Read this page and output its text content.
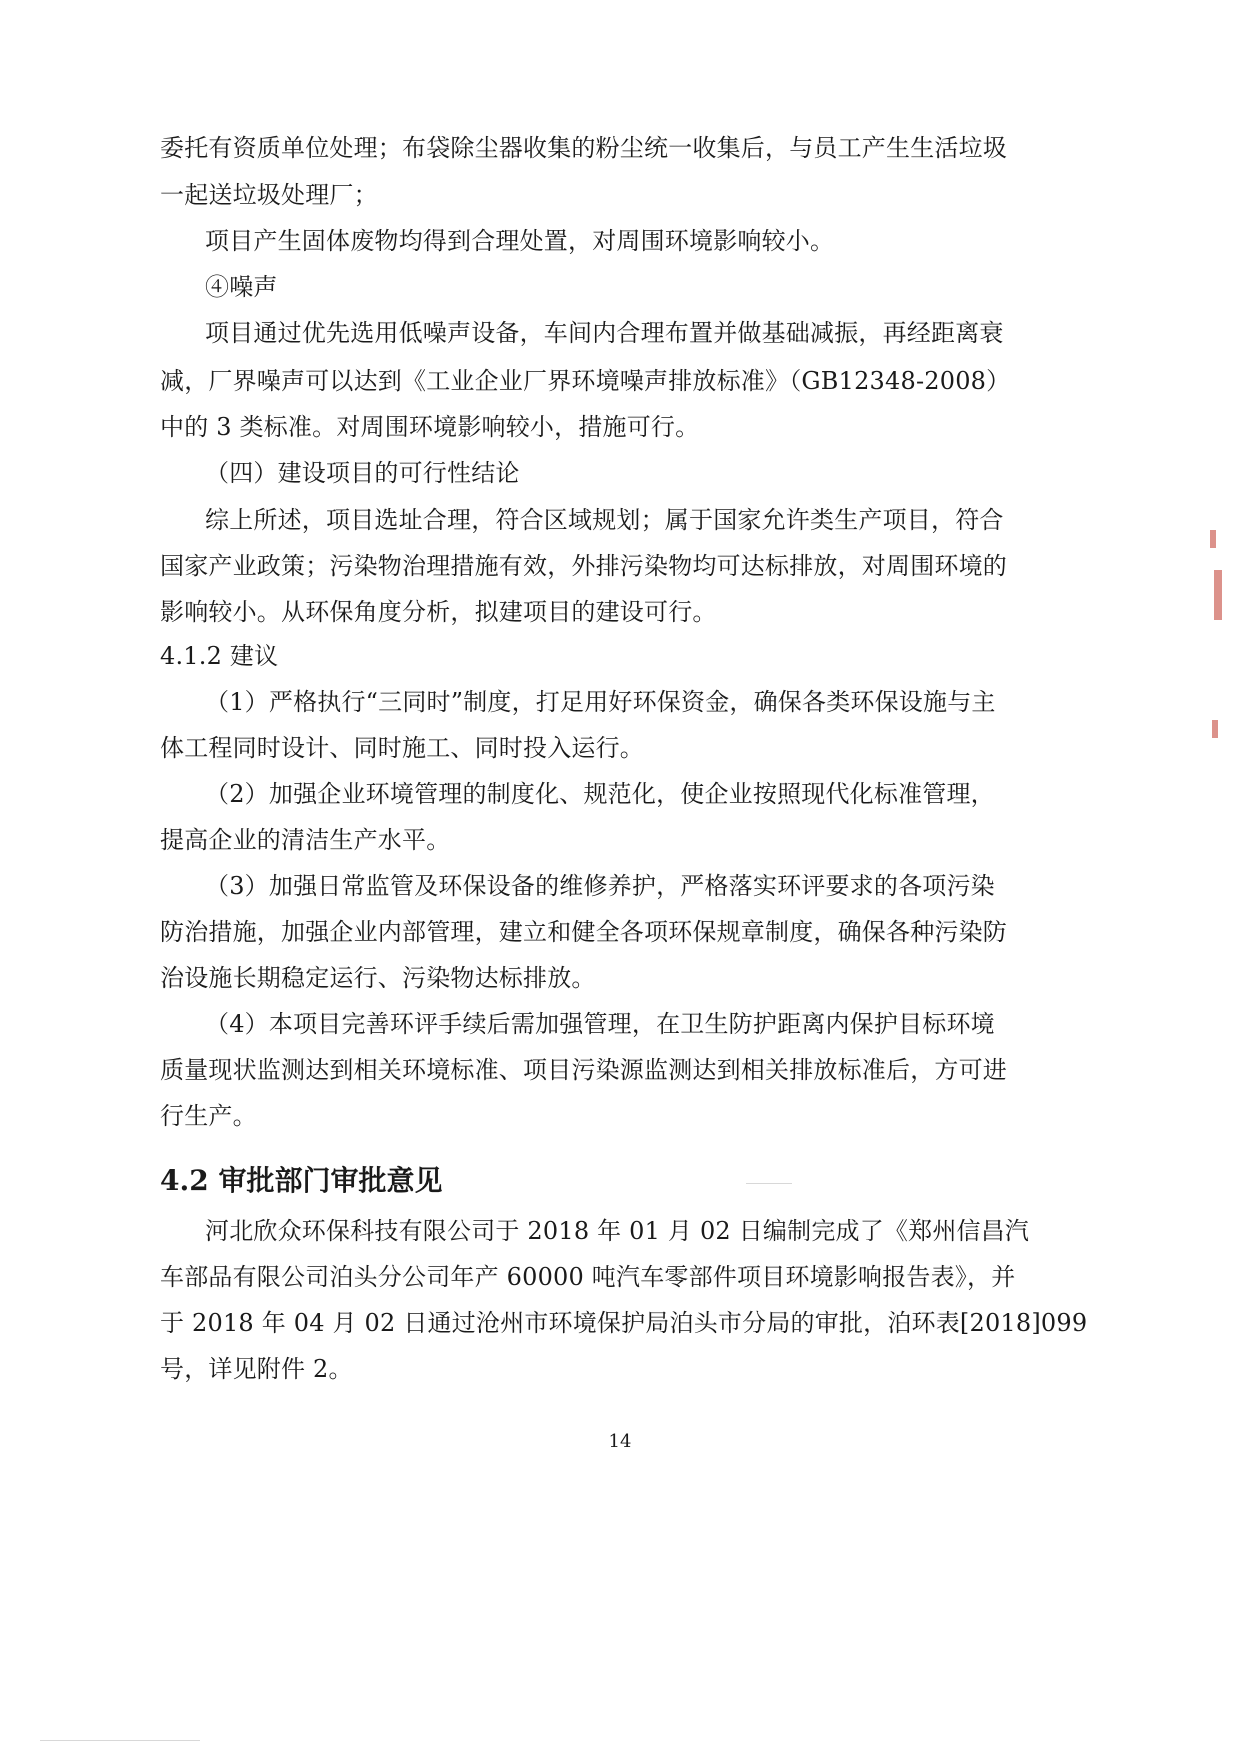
委托有资质单位处理；布袋除尘器收集的粉尘统一收集后，与员工产生生活垃圾
一起送垃圾处理厂；
项目产生固体废物均得到合理处置，对周围环境影响较小。
④噪声
项目通过优先选用低噪声设备，车间内合理布置并做基础减振，再经距离衰
减，厂界噪声可以达到《工业企业厂界环境噪声排放标准》（GB12348-2008）
中的 3 类标准。对周围环境影响较小，措施可行。
（四）建设项目的可行性结论
综上所述，项目选址合理，符合区域规划；属于国家允许类生产项目，符合
国家产业政策；污染物治理措施有效，外排污染物均可达标排放，对周围环境的
影响较小。从环保角度分析，拟建项目的建设可行。
4.1.2 建议
（1）严格执行“三同时”制度，打足用好环保资金，确保各类环保设施与主
体工程同时设计、同时施工、同时投入运行。
（2）加强企业环境管理的制度化、规范化，使企业按照现代化标准管理，
提高企业的清洁生产水平。
（3）加强日常监管及环保设备的维修养护，严格落实环评要求的各项污染
防治措施，加强企业内部管理，建立和健全各项环保规章制度，确保各种污染防
治设施长期稳定运行、污染物达标排放。
（4）本项目完善环评手续后需加强管理，在卫生防护距离内保护目标环境
质量现状监测达到相关环境标准、项目污染源监测达到相关排放标准后，方可进
行生产。
4.2 审批部门审批意见
河北欣众环保科技有限公司于 2018 年 01 月 02 日编制完成了《郑州信昌汽
车部品有限公司泊头分公司年产 60000 吨汽车零部件项目环境影响报告表》，并
于 2018 年 04 月 02 日通过沧州市环境保护局泊头市分局的审批，泊环表[2018]099
号，详见附件 2。
14
